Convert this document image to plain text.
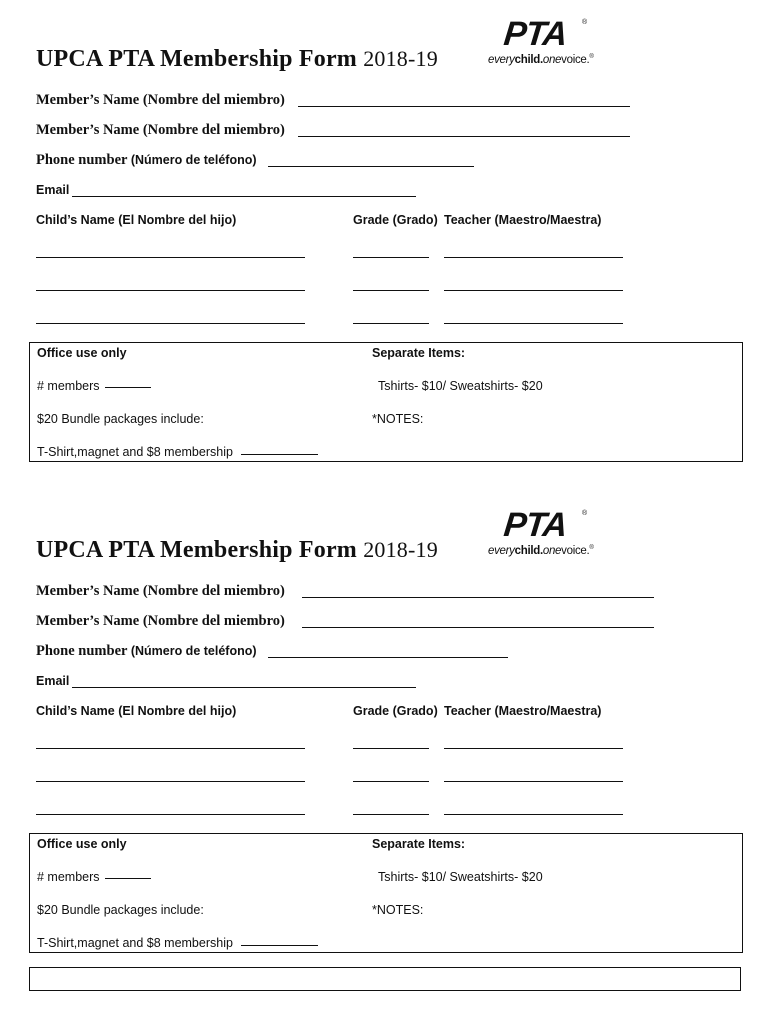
UPCA PTA Membership Form 2018-19
PTA ®
everychild.onevoice.®
Member’s Name (Nombre del miembro)
Member’s Name (Nombre del miembro)
Phone number (Número de teléfono)
Email
Child’s Name (El Nombre del hijo)	Grade (Grado) Teacher (Maestro/Maestra)
Office use only
# members
$20 Bundle packages include:
T-Shirt,magnet and $8 membership
Separate Items:
Tshirts- $10/ Sweatshirts- $20
*NOTES:
UPCA PTA Membership Form 2018-19
PTA ®
everychild.onevoice.®
Member’s Name (Nombre del miembro)
Member’s Name (Nombre del miembro)
Phone number (Número de teléfono)
Email
Child’s Name (El Nombre del hijo)	Grade (Grado) Teacher (Maestro/Maestra)
Office use only
# members
$20 Bundle packages include:
T-Shirt,magnet and $8 membership
Separate Items:
Tshirts- $10/ Sweatshirts- $20
*NOTES:
